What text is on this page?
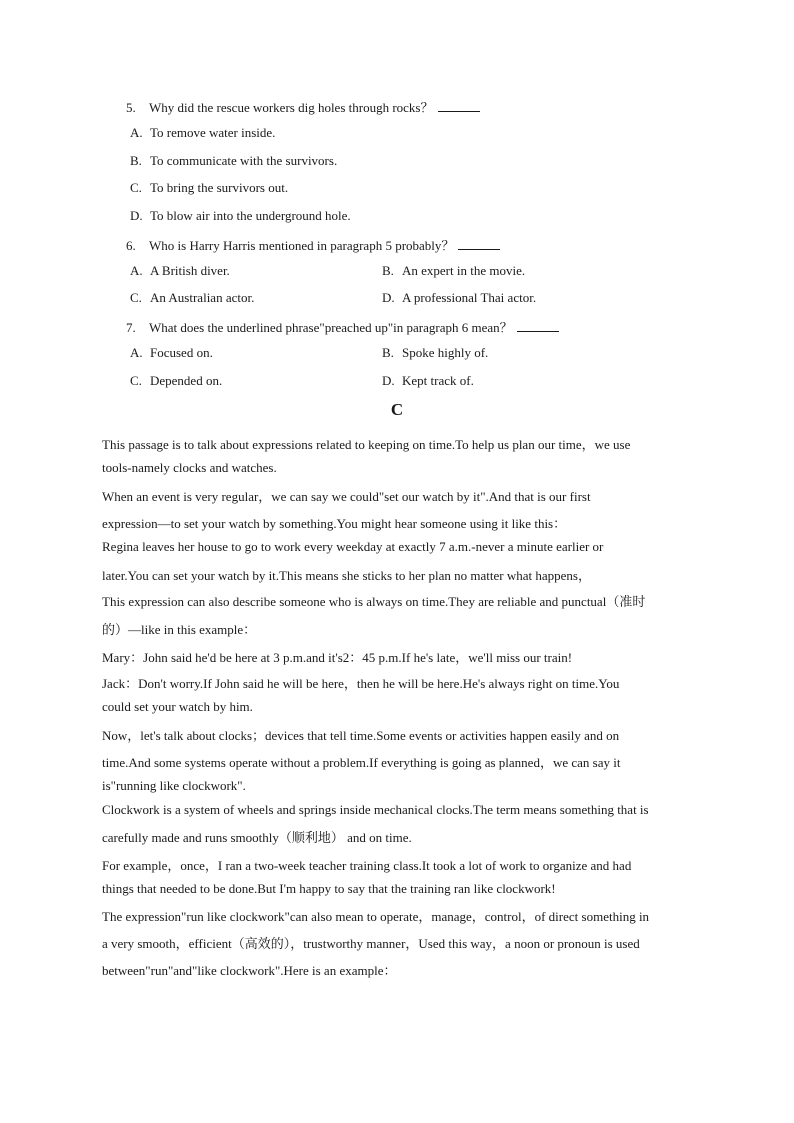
5. Why did the rescue workers dig holes through rocks？
A. To remove water inside.
B. To communicate with the survivors.
C. To bring the survivors out.
D. To blow air into the underground hole.
6. Who is Harry Harris mentioned in paragraph 5 probably？
A. A British diver.	B. An expert in the movie.
C. An Australian actor.	D. A professional Thai actor.
7. What does the underlined phrase"preached up"in paragraph 6 mean？
A. Focused on.	B. Spoke highly of.
C. Depended on.	D. Kept track of.
C
This passage is to talk about expressions related to keeping on time.To help us plan our time，we use
tools-namely clocks and watches.
When an event is very regular，we can say we could"set our watch by it".And that is our first
expression—to set your watch by something.You might hear someone using it like this：
Regina leaves her house to go to work every weekday at exactly 7 a.m.-never a minute earlier or
later.You can set your watch by it.This means she sticks to her plan no matter what happens，
This expression can also describe someone who is always on time.They are reliable and punctual（准时
的）—like in this example：
Mary：John said he'd be here at 3 p.m.and it's2：45 p.m.If he's late，we'll miss our train!
Jack：Don't worry.If John said he will be here，then he will be here.He's always right on time.You
could set your watch by him.
Now，let's talk about clocks；devices that tell time.Some events or activities happen easily and on
time.And some systems operate without a problem.If everything is going as planned，we can say it
is"running like clockwork".
Clockwork is a system of wheels and springs inside mechanical clocks.The term means something that is
carefully made and runs smoothly（顺利地） and on time.
For example，once，I ran a two-week teacher training class.It took a lot of work to organize and had
things that needed to be done.But I'm happy to say that the training ran like clockwork!
The expression"run like clockwork"can also mean to operate，manage，control，of direct something in
a very smooth，efficient（高效的），trustworthy manner，Used this way，a noon or pronoun is used
between"run"and"like clockwork".Here is an example：
